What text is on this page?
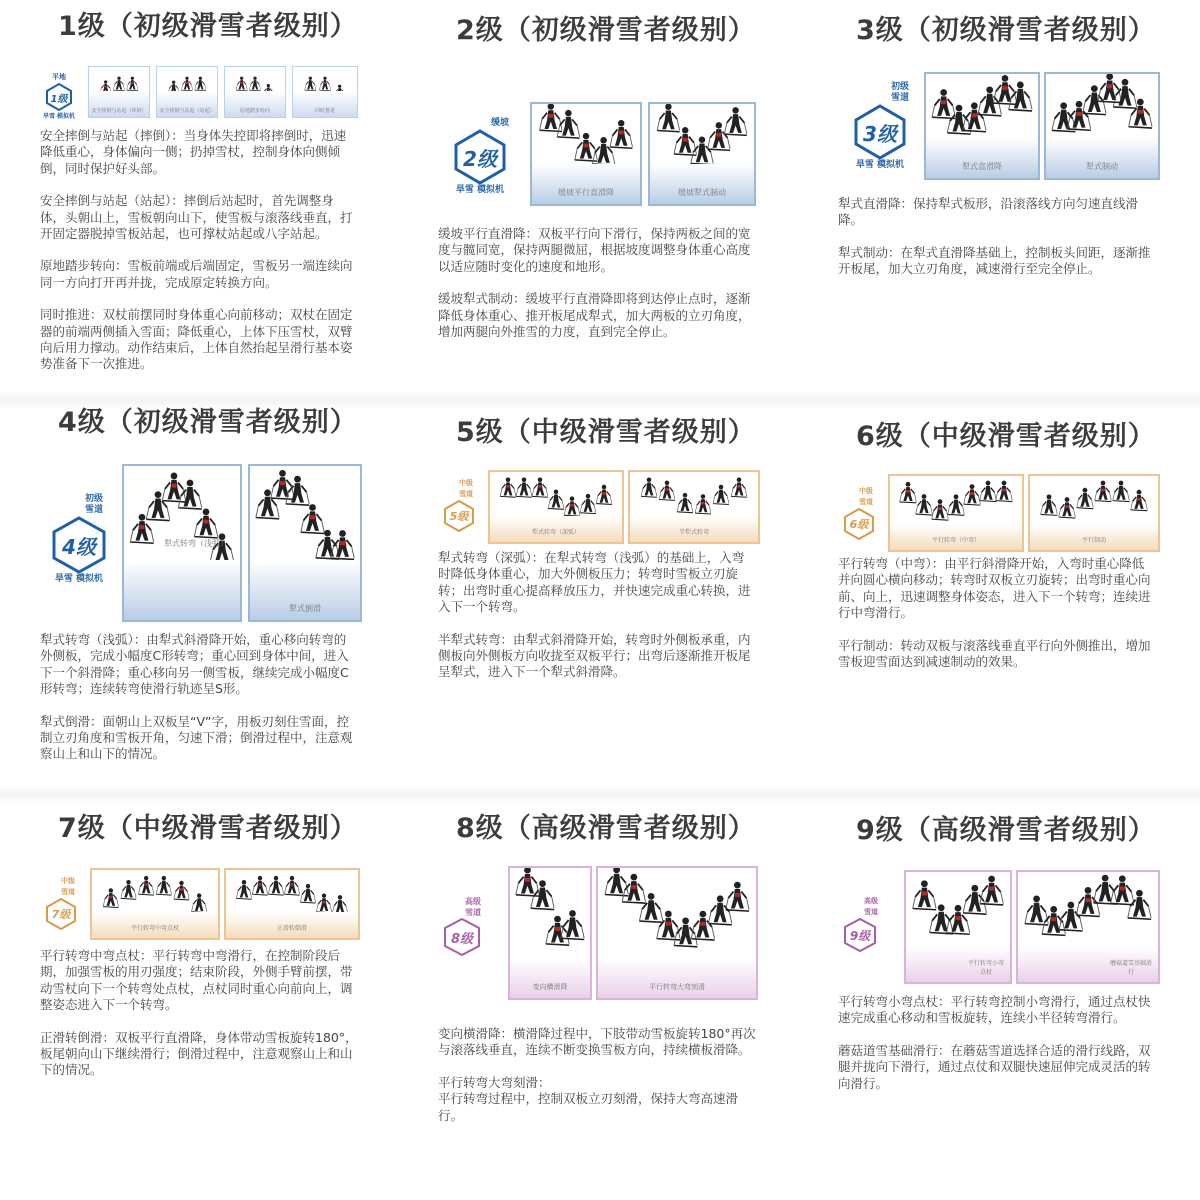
1级（初级滑雪者级别）
平地
1级
旱雪 模拟机
安全摔倒与站起（摔倒）	安全摔倒与站起（站起）	原地踏步转向	同时推进

安全摔倒与站起（摔倒）：当身体失控即将摔倒时，迅速降低重心，身体偏向一侧；扔掉雪杖，控制身体向侧倾倒，同时保护好头部。

安全摔倒与站起（站起）：摔倒后站起时，首先调整身体，头朝山上，雪板朝向山下，使雪板与滚落线垂直，打开固定器脱掉雪板站起，也可撑杖站起或八字站起。

原地踏步转向：雪板前端或后端固定，雪板另一端连续向同一方向打开再并拢，完成原定转换方向。

同时推进：双杖前摆同时身体重心向前移动；双杖在固定器的前端两侧插入雪面；降低重心，上体下压雪杖，双臂向后用力撑动。动作结束后，上体自然抬起呈滑行基本姿势准备下一次推进。

2级（初级滑雪者级别）
缓坡
2级
旱雪 模拟机	缓坡平行直滑降	缓坡犁式制动

缓坡平行直滑降：双板平行向下滑行，保持两板之间的宽度与髋同宽，保持两腿微屈，根据坡度调整身体重心高度以适应随时变化的速度和地形。

缓坡犁式制动：缓坡平行直滑降即将到达停止点时，逐渐降低身体重心、推开板尾成犁式，加大两板的立刃角度，增加两腿向外推雪的力度，直到完全停止。

3级（初级滑雪者级别）
初级雪道
3级
旱雪 模拟机	犁式直滑降	犁式制动

犁式直滑降：保持犁式板形，沿滚落线方向匀速直线滑降。

犁式制动：在犁式直滑降基础上，控制板头间距，逐渐推开板尾，加大立刃角度，减速滑行至完全停止。

4级（初级滑雪者级别）
初级雪道
4级
旱雪 模拟机
犁式转弯（浅弧）
犁式倒滑

犁式转弯（浅弧）：由犁式斜滑降开始，重心移向转弯的外侧板，完成小幅度C形转弯；重心回到身体中间，进入下一个斜滑降；重心移向另一侧雪板，继续完成小幅度C形转弯；连续转弯使滑行轨迹呈S形。

犁式倒滑：面朝山上双板呈“V”字，用板刃刻住雪面，控制立刃角度和雪板开角，匀速下滑；倒滑过程中，注意观察山上和山下的情况。

5级（中级滑雪者级别）
中级雪道
5级
犁式转弯（深弧）	半犁式转弯

犁式转弯（深弧）：在犁式转弯（浅弧）的基础上，入弯时降低身体重心，加大外侧板压力；转弯时雪板立刃旋转；出弯时重心提高释放压力，并快速完成重心转换，进入下一个转弯。

半犁式转弯：由犁式斜滑降开始，转弯时外侧板承重，内侧板向外侧板方向收拢至双板平行；出弯后逐渐推开板尾呈犁式，进入下一个犁式斜滑降。

6级（中级滑雪者级别）
中级雪道
6级
平行转弯（中弯）	平行制动

平行转弯（中弯）：由平行斜滑降开始，入弯时重心降低并向圆心横向移动；转弯时双板立刃旋转；出弯时重心向前、向上，迅速调整身体姿态，进入下一个转弯；连续进行中弯滑行。

平行制动：转动双板与滚落线垂直平行向外侧推出，增加雪板迎雪面达到减速制动的效果。

7级（中级滑雪者级别）
中级雪道
7级
平行转弯中弯点杖	正滑转倒滑

平行转弯中弯点杖：平行转弯中弯滑行，在控制阶段后期，加强雪板的用刃强度；结束阶段，外侧手臂前摆，带动雪杖向下一个转弯处点杖，点杖同时重心向前向上，调整姿态进入下一个转弯。

正滑转倒滑：双板平行直滑降，身体带动雪板旋转180°，板尾朝向山下继续滑行；倒滑过程中，注意观察山上和山下的情况。

8级（高级滑雪者级别）
高级雪道
8级
变向横滑降	平行转弯大弯刻滑

变向横滑降：横滑降过程中，下肢带动雪板旋转180°再次与滚落线垂直，连续不断变换雪板方向，持续横板滑降。

平行转弯大弯刻滑：
平行转弯过程中，控制双板立刃刻滑，保持大弯高速滑行。

9级（高级滑雪者级别）
高级雪道
9级
平行转弯小弯点杖
蘑菇道雪基础滑行

平行转弯小弯点杖：平行转弯控制小弯滑行，通过点杖快速完成重心移动和雪板旋转，连续小半径转弯滑行。

蘑菇道雪基础滑行：在蘑菇雪道选择合适的滑行线路，双腿并拢向下滑行，通过点仗和双腿快速屈伸完成灵活的转向滑行。
